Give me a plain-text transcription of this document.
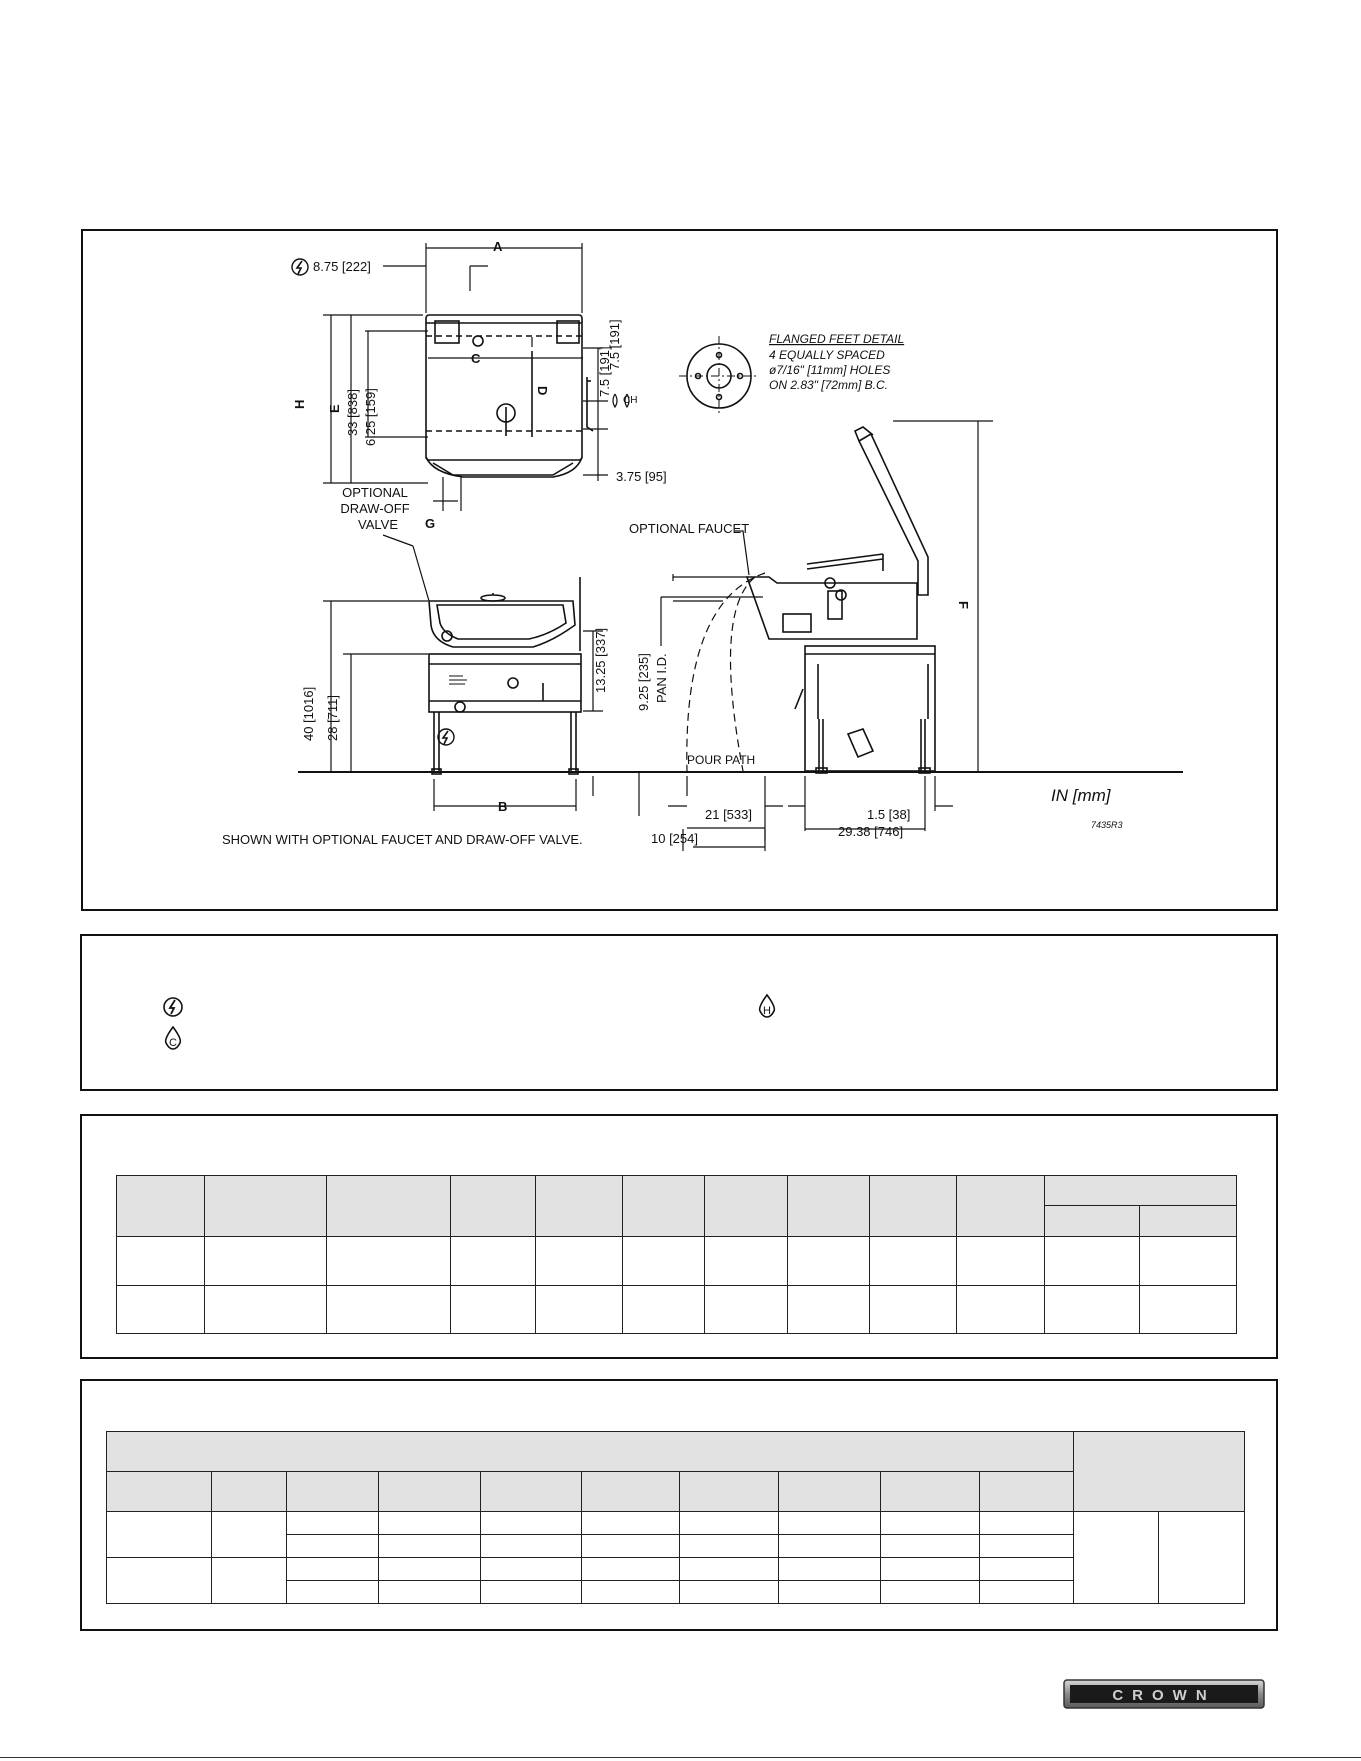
A
C
D
H E 33 [838] 6.25 [159]
G
7.5 [191]
7.5 [191]
3.75 [95]
8.75 [222]
CH
FLANGED FEET DETAIL
4 EQUALLY SPACED
ø7/16" [11mm] HOLES
ON 2.83" [72mm] B.C.
40 [1016] 28 [711]
13.25 [337]
B
OPTIONAL
DRAW-OFF
VALVE
SHOWN WITH OPTIONAL FAUCET AND DRAW-OFF VALVE.
F
OPTIONAL FAUCET
9.25 [235] PAN I.D.
POUR PATH
21 [533]
10 [254]
1.5 [38]
29.38 [746]
IN [mm]
7435R3
C
H

CROWN
